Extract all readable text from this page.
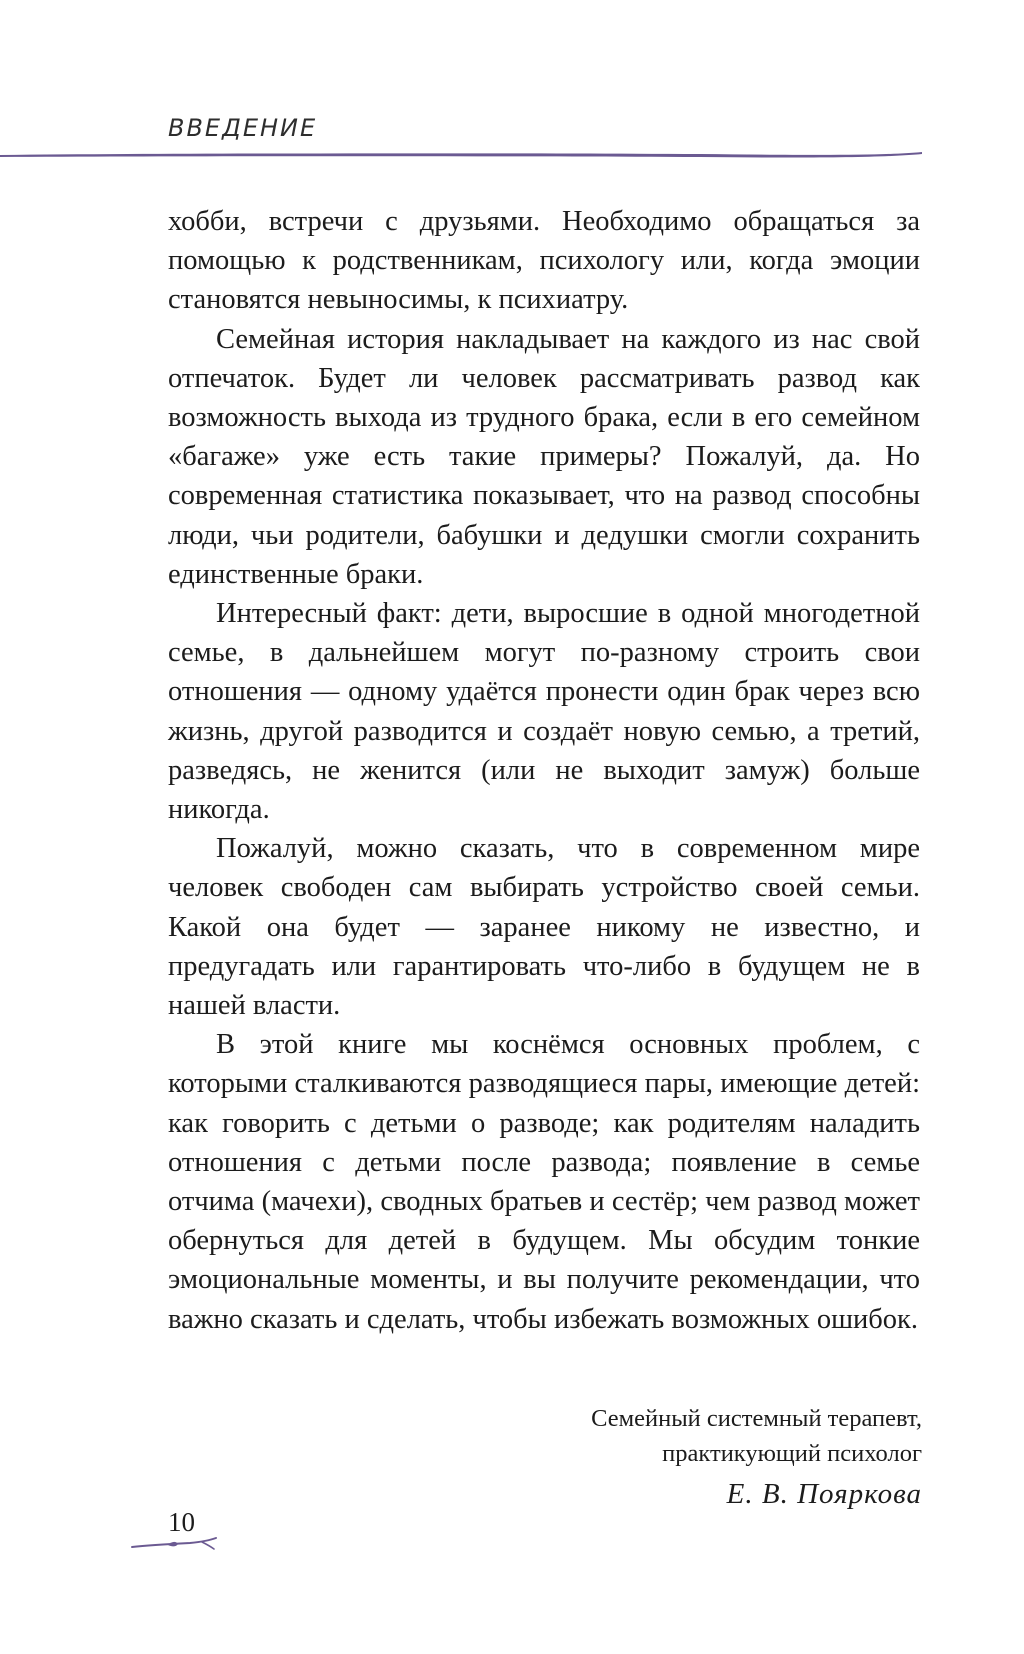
ВВЕДЕНИЕ

хобби, встречи с друзьями. Необходимо обращаться за помощью к родственникам, психологу или, когда эмоции становятся невыносимы, к психиатру.

Семейная история накладывает на каждого из нас свой отпечаток. Будет ли человек рассматривать развод как возможность выхода из трудного брака, если в его семейном «багаже» уже есть такие примеры? Пожалуй, да. Но современная статистика показывает, что на развод способны люди, чьи родители, бабушки и дедушки смогли сохранить единственные браки.

Интересный факт: дети, выросшие в одной многодетной семье, в дальнейшем могут по-разному строить свои отношения — одному удаётся пронести один брак через всю жизнь, другой разводится и создаёт новую семью, а третий, разведясь, не женится (или не выходит замуж) больше никогда.

Пожалуй, можно сказать, что в современном мире человек свободен сам выбирать устройство своей семьи. Какой она будет — заранее никому не известно, и предугадать или гарантировать что-либо в будущем не в нашей власти.

В этой книге мы коснёмся основных проблем, с которыми сталкиваются разводящиеся пары, имеющие детей: как говорить с детьми о разводе; как родителям наладить отношения с детьми после развода; появление в семье отчима (мачехи), сводных братьев и сестёр; чем развод может обернуться для детей в будущем. Мы обсудим тонкие эмоциональные моменты, и вы получите рекомендации, что важно сказать и сделать, чтобы избежать возможных ошибок.

Семейный системный терапевт,
практикующий психолог
Е. В. Пояркова
10
